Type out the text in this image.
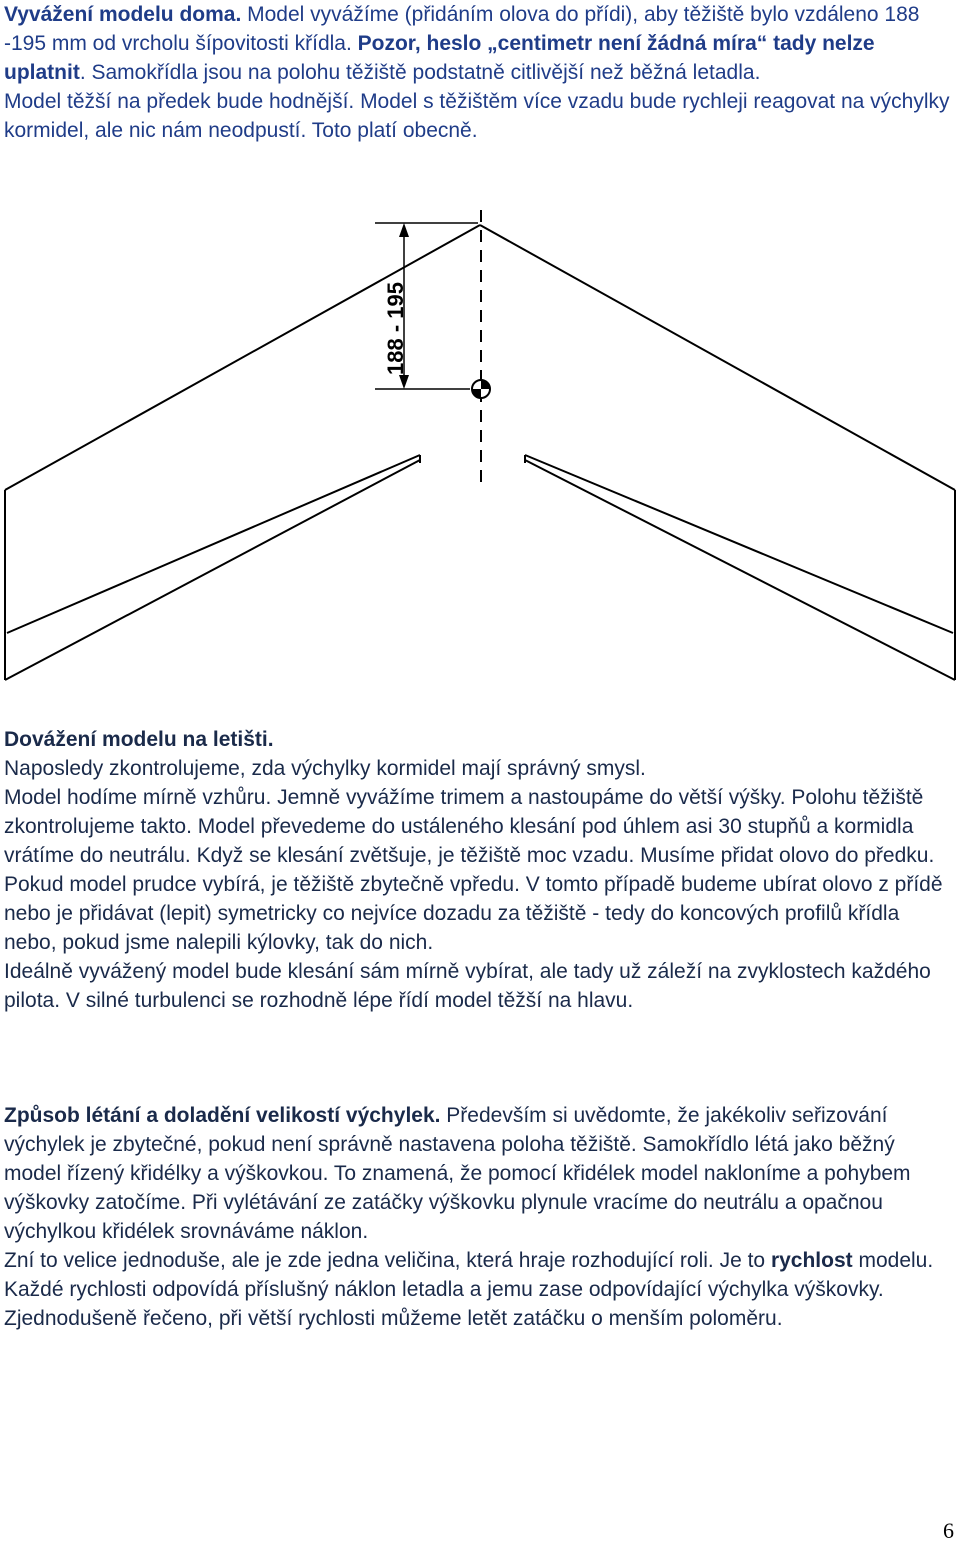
Vyvážení modelu doma. Model vyvážíme (přidáním olova do přídi), aby těžiště bylo vzdáleno 188 -195 mm od vrcholu šípovitosti křídla. Pozor, heslo „centimetr není žádná míra“ tady nelze uplatnit. Samokřídla jsou na polohu těžiště podstatně citlivější než běžná letadla.

Model těžší na předek bude hodnější. Model s těžištěm více vzadu bude rychleji reagovat na výchylky kormidel, ale nic nám neodpustí. Toto platí obecně.

188 - 195

Dovážení modelu na letišti.

Naposledy zkontrolujeme, zda výchylky kormidel mají správný smysl.

Model hodíme mírně vzhůru. Jemně vyvážíme trimem a nastoupáme do větší výšky. Polohu těžiště zkontrolujeme takto. Model převedeme do ustáleného klesání pod úhlem asi 30 stupňů a kormidla vrátíme do neutrálu. Když se klesání zvětšuje, je těžiště moc vzadu. Musíme přidat olovo do předku. Pokud model prudce vybírá, je těžiště zbytečně vpředu. V tomto případě budeme ubírat olovo z přídě nebo je přidávat (lepit) symetricky co nejvíce dozadu za těžiště - tedy do koncových profilů křídla nebo, pokud jsme nalepili kýlovky, tak do nich.

Ideálně vyvážený model bude klesání sám mírně vybírat, ale tady už záleží na zvyklostech každého pilota. V silné turbulenci se rozhodně lépe řídí model těžší na hlavu.

Způsob létání a doladění velikostí výchylek. Především si uvědomte, že jakékoliv seřizování výchylek je zbytečné, pokud není správně nastavena poloha těžiště. Samokřídlo létá jako běžný model řízený křidélky a výškovkou. To znamená, že pomocí křidélek model nakloníme a pohybem výškovky zatočíme. Při vylétávání ze zatáčky výškovku plynule vracíme do neutrálu a opačnou výchylkou křidélek srovnáváme náklon.

Zní to velice jednoduše, ale je zde jedna veličina, která hraje rozhodující roli. Je to rychlost modelu. Každé rychlosti odpovídá příslušný náklon letadla a jemu zase odpovídající výchylka výškovky. Zjednodušeně řečeno, při větší rychlosti můžeme letět zatáčku o menším poloměru.

6
